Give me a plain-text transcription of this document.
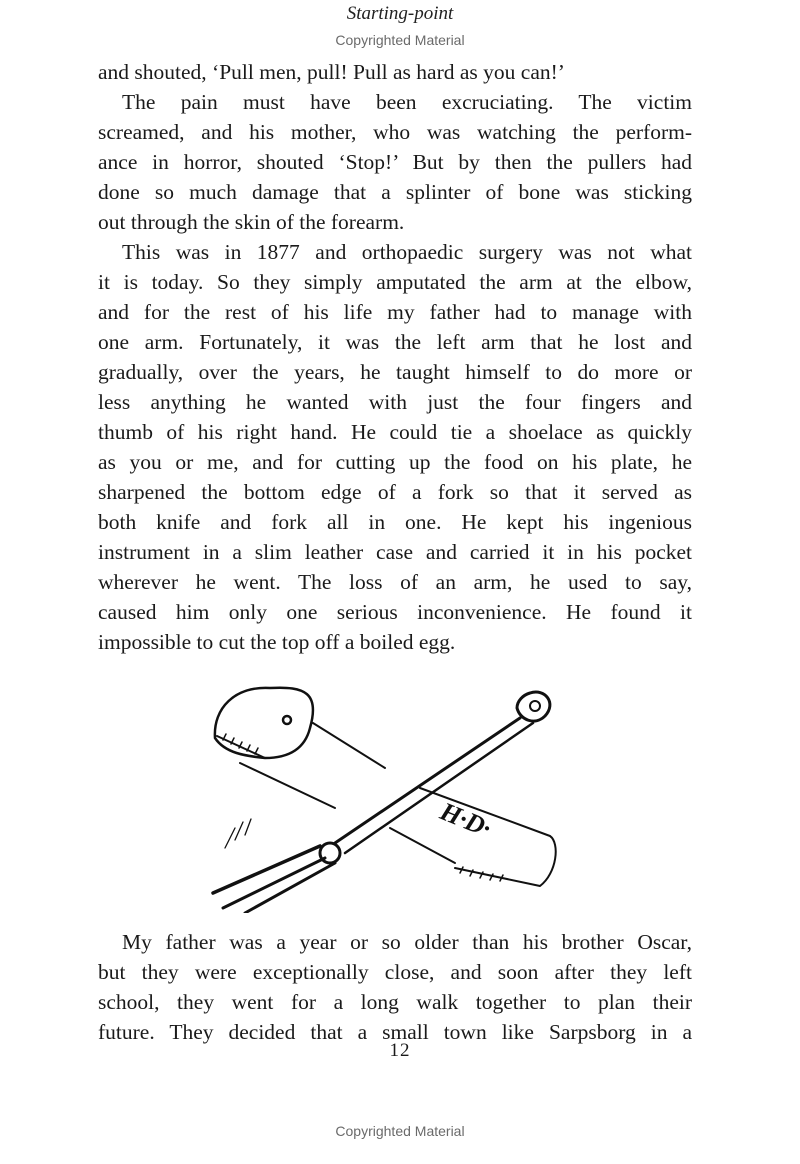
Starting-point
Copyrighted Material
and shouted, ‘Pull men, pull! Pull as hard as you can!’
The pain must have been excruciating. The victim
screamed, and his mother, who was watching the perform-
ance in horror, shouted ‘Stop!’ But by then the pullers had
done so much damage that a splinter of bone was sticking
out through the skin of the forearm.
This was in 1877 and orthopaedic surgery was not what
it is today. So they simply amputated the arm at the elbow,
and for the rest of his life my father had to manage with
one arm. Fortunately, it was the left arm that he lost and
gradually, over the years, he taught himself to do more or
less anything he wanted with just the four fingers and
thumb of his right hand. He could tie a shoelace as quickly
as you or me, and for cutting up the food on his plate, he
sharpened the bottom edge of a fork so that it served as
both knife and fork all in one. He kept his ingenious
instrument in a slim leather case and carried it in his pocket
wherever he went. The loss of an arm, he used to say,
caused him only one serious inconvenience. He found it
impossible to cut the top off a boiled egg.
H·D·
My father was a year or so older than his brother Oscar,
but they were exceptionally close, and soon after they left
school, they went for a long walk together to plan their
future. They decided that a small town like Sarpsborg in a
12
Copyrighted Material
